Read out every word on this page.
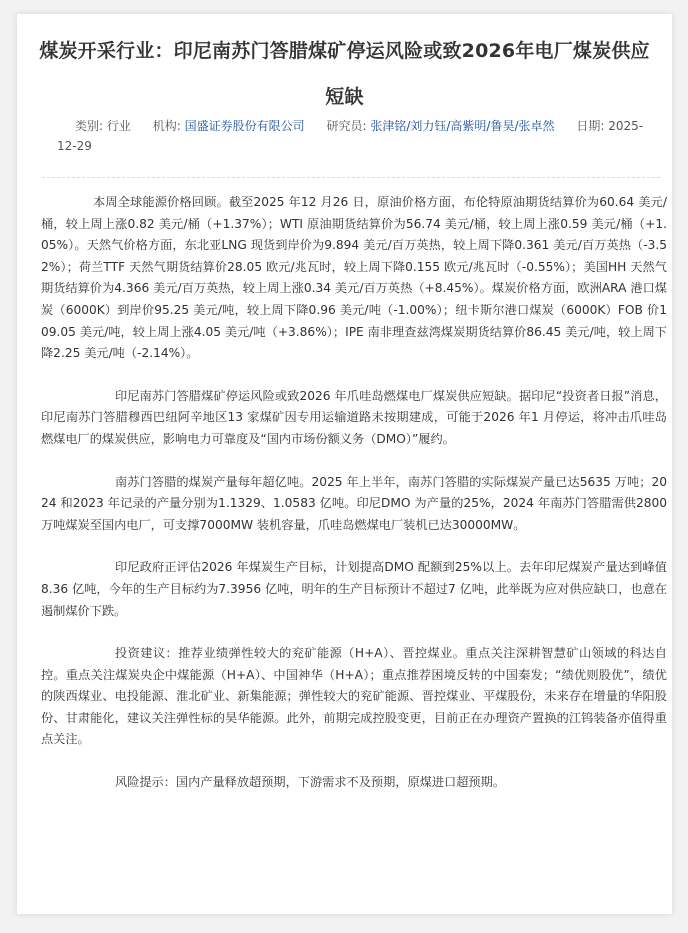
煤炭开采行业：印尼南苏门答腊煤矿停运风险或致2026年电厂煤炭供应短缺
类别: 行业 机构: 国盛证券股份有限公司 研究员: 张津铭/刘力钰/高紫明/鲁昊/张卓然 日期: 2025-12-29

本周全球能源价格回顾。截至2025 年12 月26 日，原油价格方面，布伦特原油期货结算价为60.64 美元/桶，较上周上涨0.82 美元/桶（+1.37%）；WTI 原油期货结算价为56.74 美元/桶，较上周上涨0.59 美元/桶（+1.05%）。天然气价格方面，东北亚LNG 现货到岸价为9.894 美元/百万英热，较上周下降0.361 美元/百万英热（-3.52%）；荷兰TTF 天然气期货结算价28.05 欧元/兆瓦时，较上周下降0.155 欧元/兆瓦时（-0.55%）；美国HH 天然气期货结算价为4.366 美元/百万英热，较上周上涨0.34 美元/百万英热（+8.45%）。煤炭价格方面，欧洲ARA 港口煤炭（6000K）到岸价95.25 美元/吨，较上周下降0.96 美元/吨（-1.00%）；纽卡斯尔港口煤炭（6000K）FOB 价109.05 美元/吨，较上周上涨4.05 美元/吨（+3.86%）；IPE 南非理查兹湾煤炭期货结算价86.45 美元/吨，较上周下降2.25 美元/吨（-2.14%）。

印尼南苏门答腊煤矿停运风险或致2026 年爪哇岛燃煤电厂煤炭供应短缺。据印尼“投资者日报”消息，印尼南苏门答腊穆西巴纽阿辛地区13 家煤矿因专用运输道路未按期建成，可能于2026 年1 月停运，将冲击爪哇岛燃煤电厂的煤炭供应，影响电力可靠度及“国内市场份额义务（DMO）”履约。

南苏门答腊的煤炭产量每年超亿吨。2025 年上半年，南苏门答腊的实际煤炭产量已达5635 万吨；2024 和2023 年记录的产量分别为1.1329、1.0583 亿吨。印尼DMO 为产量的25%，2024 年南苏门答腊需供2800 万吨煤炭至国内电厂，可支撑7000MW 装机容量，爪哇岛燃煤电厂装机已达30000MW。

印尼政府正评估2026 年煤炭生产目标，计划提高DMO 配额到25%以上。去年印尼煤炭产量达到峰值8.36 亿吨，今年的生产目标约为7.3956 亿吨，明年的生产目标预计不超过7 亿吨，此举既为应对供应缺口，也意在遏制煤价下跌。

投资建议：推荐业绩弹性较大的兖矿能源（H+A）、晋控煤业。重点关注深耕智慧矿山领域的科达自控。重点关注煤炭央企中煤能源（H+A）、中国神华（H+A）；重点推荐困境反转的中国秦发；“绩优则股优”，绩优的陕西煤业、电投能源、淮北矿业、新集能源；弹性较大的兖矿能源、晋控煤业、平煤股份，未来存在增量的华阳股份、甘肃能化，建议关注弹性标的昊华能源。此外，前期完成控股变更，目前正在办理资产置换的江钨装备亦值得重点关注。

风险提示：国内产量释放超预期，下游需求不及预期，原煤进口超预期。
